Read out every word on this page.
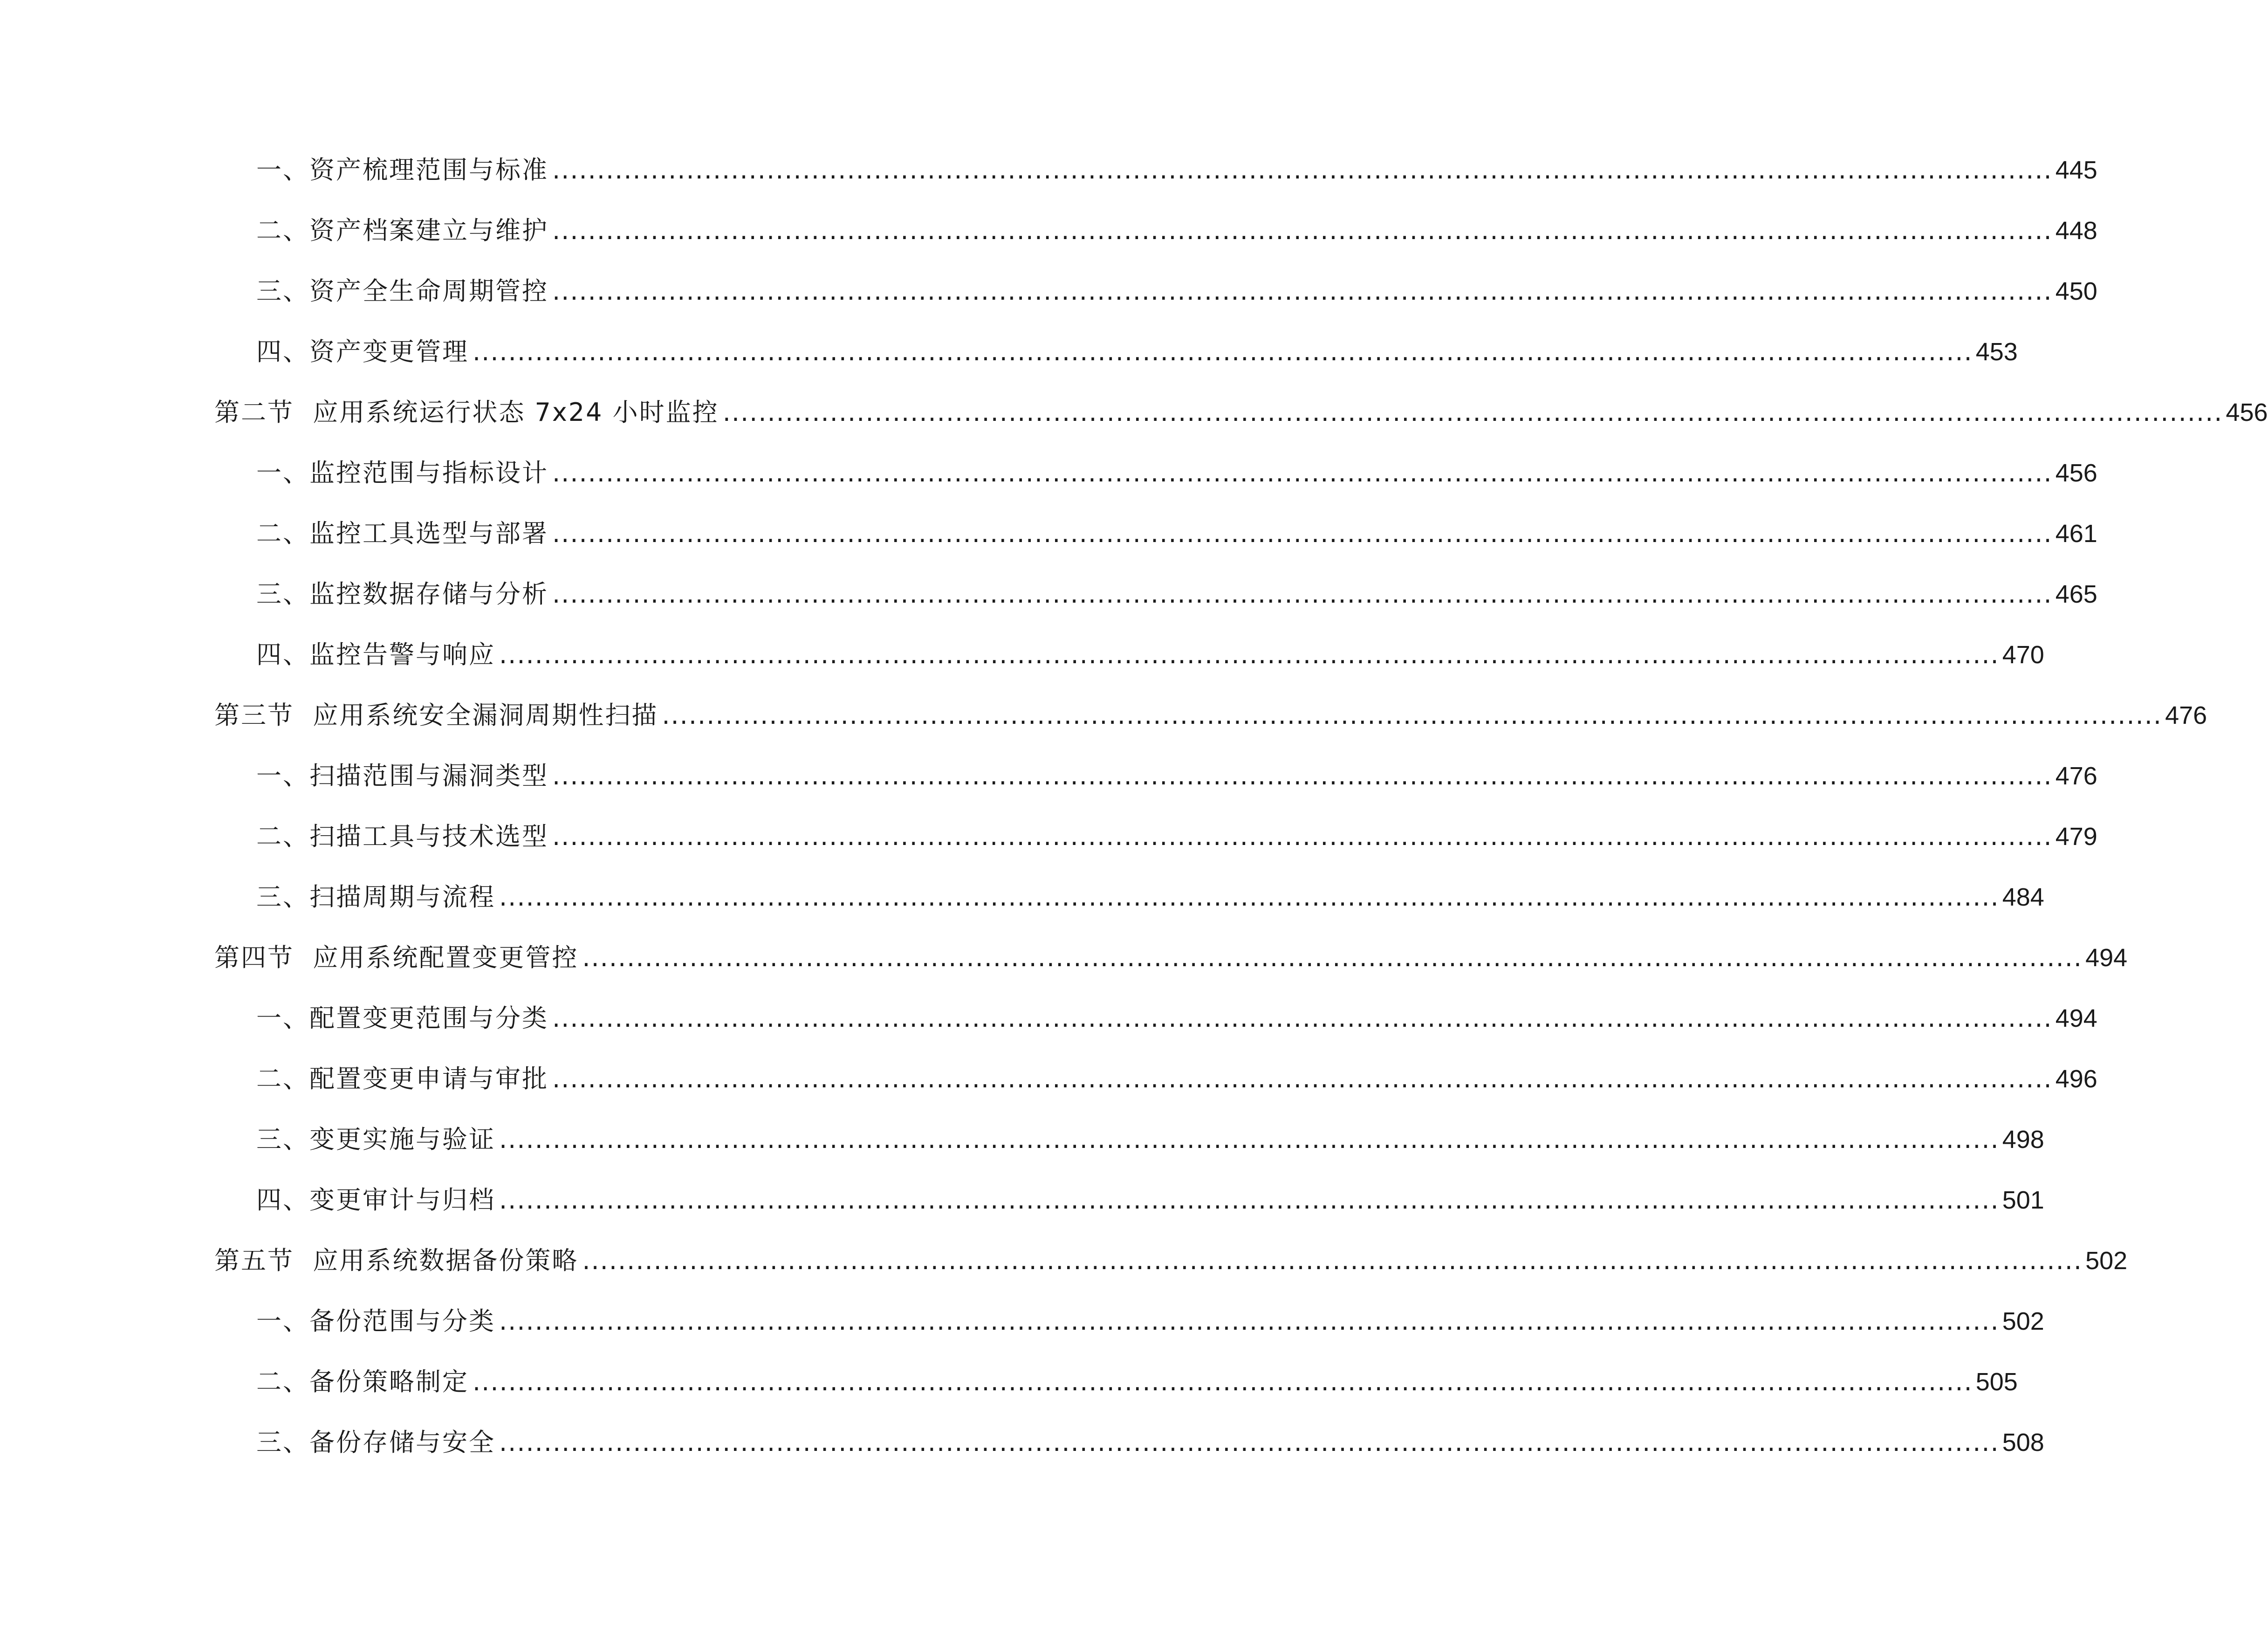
一、资产梳理范围与标准 ........................................................................................................................................................................ 445
二、资产档案建立与维护 ........................................................................................................................................................................ 448
三、资产全生命周期管控 ........................................................................................................................................................................ 450
四、资产变更管理 ........................................................................................................................................................................ 453
第二节  应用系统运行状态 7x24 小时监控 ........................................................................................................................................................................ 456
一、监控范围与指标设计 ........................................................................................................................................................................ 456
二、监控工具选型与部署 ........................................................................................................................................................................ 461
三、监控数据存储与分析 ........................................................................................................................................................................ 465
四、监控告警与响应 ........................................................................................................................................................................ 470
第三节  应用系统安全漏洞周期性扫描 ........................................................................................................................................................................ 476
一、扫描范围与漏洞类型 ........................................................................................................................................................................ 476
二、扫描工具与技术选型 ........................................................................................................................................................................ 479
三、扫描周期与流程 ........................................................................................................................................................................ 484
第四节  应用系统配置变更管控 ........................................................................................................................................................................ 494
一、配置变更范围与分类 ........................................................................................................................................................................ 494
二、配置变更申请与审批 ........................................................................................................................................................................ 496
三、变更实施与验证 ........................................................................................................................................................................ 498
四、变更审计与归档 ........................................................................................................................................................................ 501
第五节  应用系统数据备份策略 ........................................................................................................................................................................ 502
一、备份范围与分类 ........................................................................................................................................................................ 502
二、备份策略制定 ........................................................................................................................................................................ 505
三、备份存储与安全 ........................................................................................................................................................................ 508
